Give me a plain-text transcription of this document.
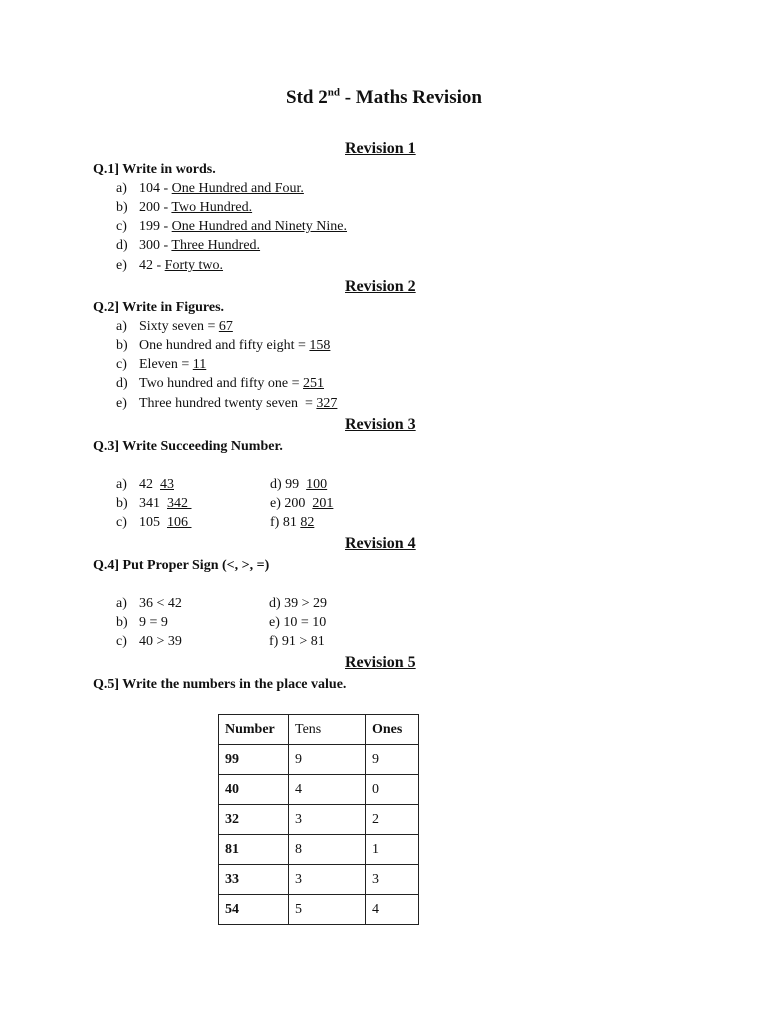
Std 2nd - Maths Revision
Revision 1
Q.1] Write in words.
a) 104 - One Hundred and Four.
b) 200 - Two Hundred.
c) 199 - One Hundred and Ninety Nine.
d) 300 - Three Hundred.
e) 42 - Forty two.
Revision 2
Q.2] Write in Figures.
a) Sixty seven = 67
b) One hundred and fifty eight = 158
c) Eleven = 11
d) Two hundred and fifty one = 251
e) Three hundred twenty seven  = 327
Revision 3
Q.3] Write Succeeding Number.
a) 42  43
b) 341  342
c) 105  106
d) 99  100
e) 200  201
f) 81 82
Revision 4
Q.4] Put Proper Sign (<, >, =)
a) 36 < 42
b) 9 = 9
c) 40 > 39
d) 39 > 29
e) 10 = 10
f) 91 > 81
Revision 5
Q.5] Write the numbers in the place value.
Number	Tens	Ones
99	9	9
40	4	0
32	3	2
81	8	1
33	3	3
54	5	4
